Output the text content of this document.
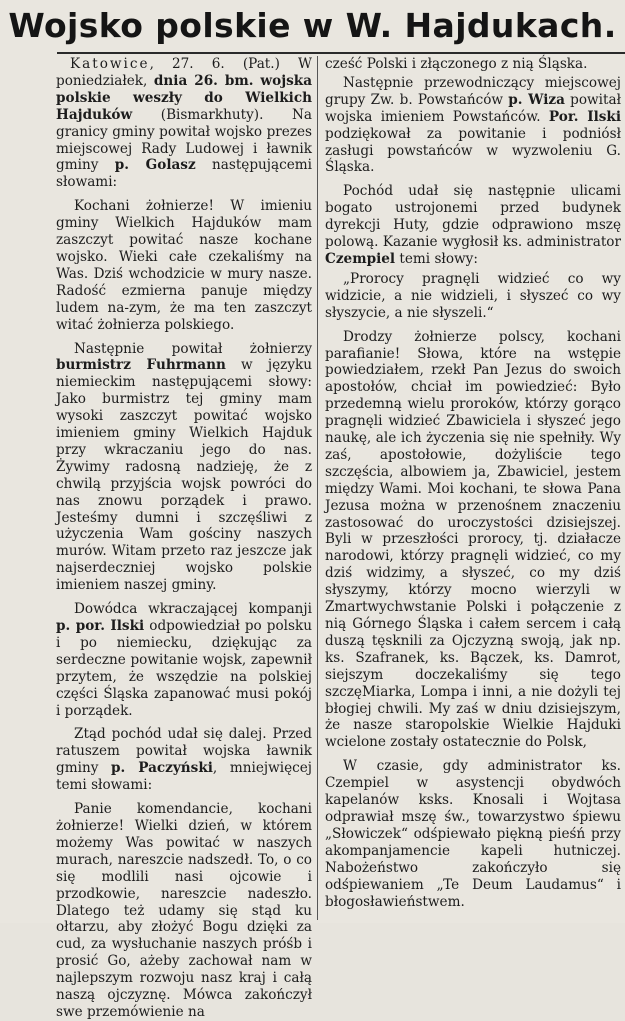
Wojsko polskie w W. Hajdukach.

Katowice, 27. 6. (Pat.) W poniedziałek, dnia 26. bm. wojska polskie weszły do Wielkich Hajduków (Bismarkhuty). Na granicy gminy powitał wojsko prezes miejscowej Rady Ludowej i ławnik gminy p. Golasz następującemi słowami:

Kochani żołnierze! W imieniu gminy Wielkich Hajduków mam zaszczyt powitać nasze kochane wojsko. Wieki całe czekaliśmy na Was. Dziś wchodzicie w mury nasze. Radość ezmierna panuje między ludem na-zym, że ma ten zaszczyt witać żołnierza polskiego.

Następnie powitał żołnierzy burmistrz Fuhrmann w języku niemieckim następującemi słowy: Jako burmistrz tej gminy mam wysoki zaszczyt powitać wojsko imieniem gminy Wielkich Hajduk przy wkraczaniu jego do nas. Żywimy radosną nadzieję, że z chwilą przyjścia wojsk powróci do nas znowu porządek i prawo. Jesteśmy dumni i szczęśliwi z użyczenia Wam gościny naszych murów. Witam przeto raz jeszcze jak najserdeczniej wojsko polskie imieniem naszej gminy.

Dowódca wkraczającej kompanji p. por. Ilski odpowiedział po polsku i po niemiecku, dziękując za serdeczne powitanie wojsk, zapewnił przytem, że wszędzie na polskiej części Śląska zapanować musi pokój i porządek.

Ztąd pochód udał się dalej. Przed ratuszem powitał wojska ławnik gminy p. Paczyński, mniejwięcej temi słowami:

Panie komendancie, kochani żołnierze! Wielki dzień, w którem możemy Was powitać w naszych murach, nareszcie nadszedł. To, o co się modlili nasi ojcowie i przodkowie, nareszcie nadeszło. Dlatego też udamy się stąd ku ołtarzu, aby złożyć Bogu dzięki za cud, za wysłuchanie naszych próśb i prosić Go, ażeby zachował nam w najlepszym rozwoju nasz kraj i całą naszą ojczyznę. Mówca zakończył swe przemówienie na

cześć Polski i złączonego z nią Śląska.

Następnie przewodniczący miejscowej grupy Zw. b. Powstańców p. Wiza powitał wojska imieniem Powstańców. Por. Ilski podziękował za powitanie i podniósł zasługi powstańców w wyzwoleniu G. Śląska.

Pochód udał się następnie ulicami bogato ustrojonemi przed budynek dyrekcji Huty, gdzie odprawiono mszę polową. Kazanie wygłosił ks. administrator Czempiel temi słowy:

„Prorocy pragnęli widzieć co wy widzicie, a nie widzieli, i słyszeć co wy słyszycie, a nie słyszeli.“

Drodzy żołnierze polscy, kochani parafianie! Słowa, które na wstępie powiedziałem, rzekł Pan Jezus do swoich apostołów, chciał im powiedzieć: Było przedemną wielu proroków, którzy gorąco pragnęli widzieć Zbawiciela i słyszeć jego naukę, ale ich życzenia się nie spełniły. Wy zaś, apostołowie, dożyliście tego szczęścia, albowiem ja, Zbawiciel, jestem między Wami. Moi kochani, te słowa Pana Jezusa można w przenośnem znaczeniu zastosować do uroczystości dzisiejszej. Byli w przeszłości prorocy, tj. działacze narodowi, którzy pragnęli widzieć, co my dziś widzimy, a słyszeć, co my dziś słyszymy, którzy mocno wierzyli w Zmartwychwstanie Polski i połączenie z nią Górnego Śląska i całem sercem i całą duszą tęsknili za Ojczyzną swoją, jak np. ks. Szafranek, ks. Bączek, ks. Damrot, siejszym doczekaliśmy się tego szczęMiarka, Lompa i inni, a nie dożyli tej błogiej chwili. My zaś w dniu dzisiejszym, że nasze staropolskie Wielkie Hajduki wcielone zostały ostatecznie do Polsk,

W czasie, gdy administrator ks. Czempiel w asystencji obydwóch kapelanów ksks. Knosali i Wojtasa odprawiał mszę św., towarzystwo śpiewu „Słowiczek“ odśpiewało piękną pieśń przy akompanjamencie kapeli hutniczej. Nabożeństwo zakończyło się odśpiewaniem „Te Deum Laudamus“ i błogosławieństwem.
